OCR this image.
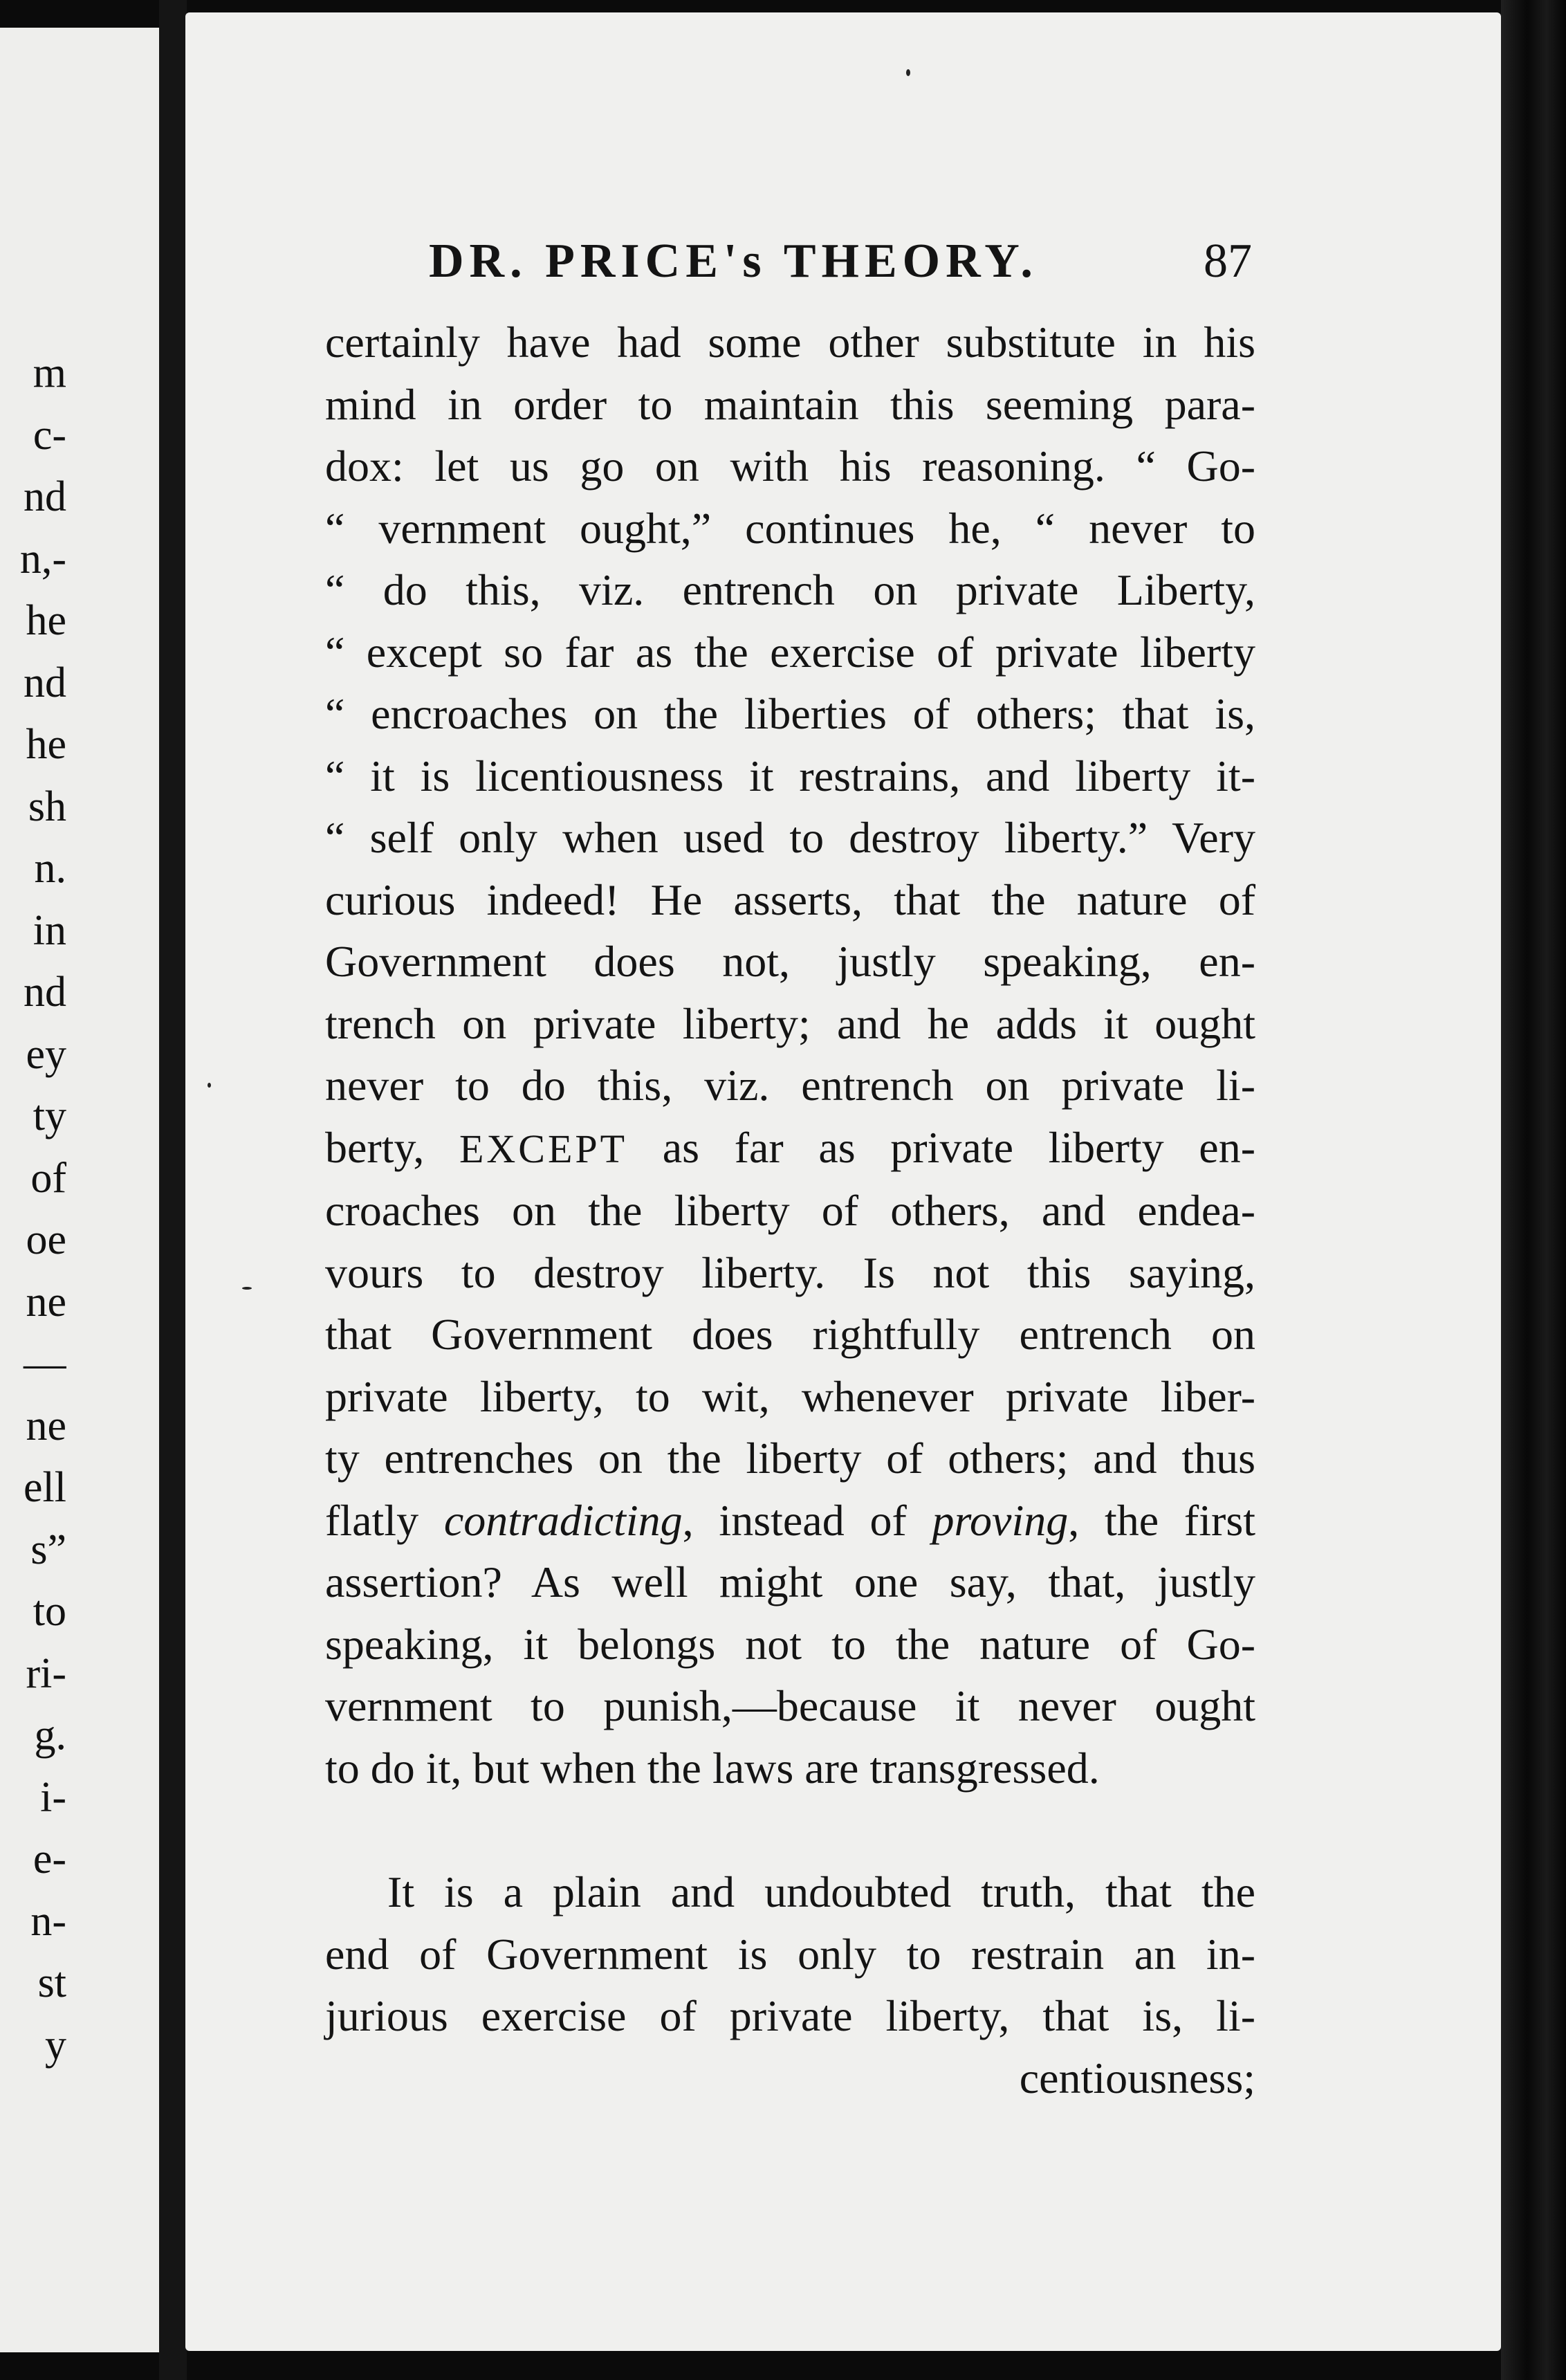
m
c-
nd
n,-
he
nd
he
sh
n.
in
nd
ey
ty
of
oe
ne
—
ne
ell
s”
to
ri-
g.
i-
e-
n-
st
y
DR. PRICE's THEORY.	87
certainly have had some other substitute in his
mind in order to maintain this seeming para-
dox: let us go on with his reasoning. “ Go-
“ vernment ought,” continues he, “ never to
“ do this, viz. entrench on private Liberty,
“ except so far as the exercise of private liberty
“ encroaches on the liberties of others; that is,
“ it is licentiousness it restrains, and liberty it-
“ self only when used to destroy liberty.” Very
curious indeed! He asserts, that the nature of
Government does not, justly speaking, en-
trench on private liberty; and he adds it ought
never to do this, viz. entrench on private li-
berty, EXCEPT as far as private liberty en-
croaches on the liberty of others, and endea-
vours to destroy liberty. Is not this saying,
that Government does rightfully entrench on
private liberty, to wit, whenever private liber-
ty entrenches on the liberty of others; and thus
flatly contradicting, instead of proving, the first
assertion? As well might one say, that, justly
speaking, it belongs not to the nature of Go-
vernment to punish,—because it never ought
to do it, but when the laws are transgressed.
It is a plain and undoubted truth, that the
end of Government is only to restrain an in-
jurious exercise of private liberty, that is, li-
centiousness;
